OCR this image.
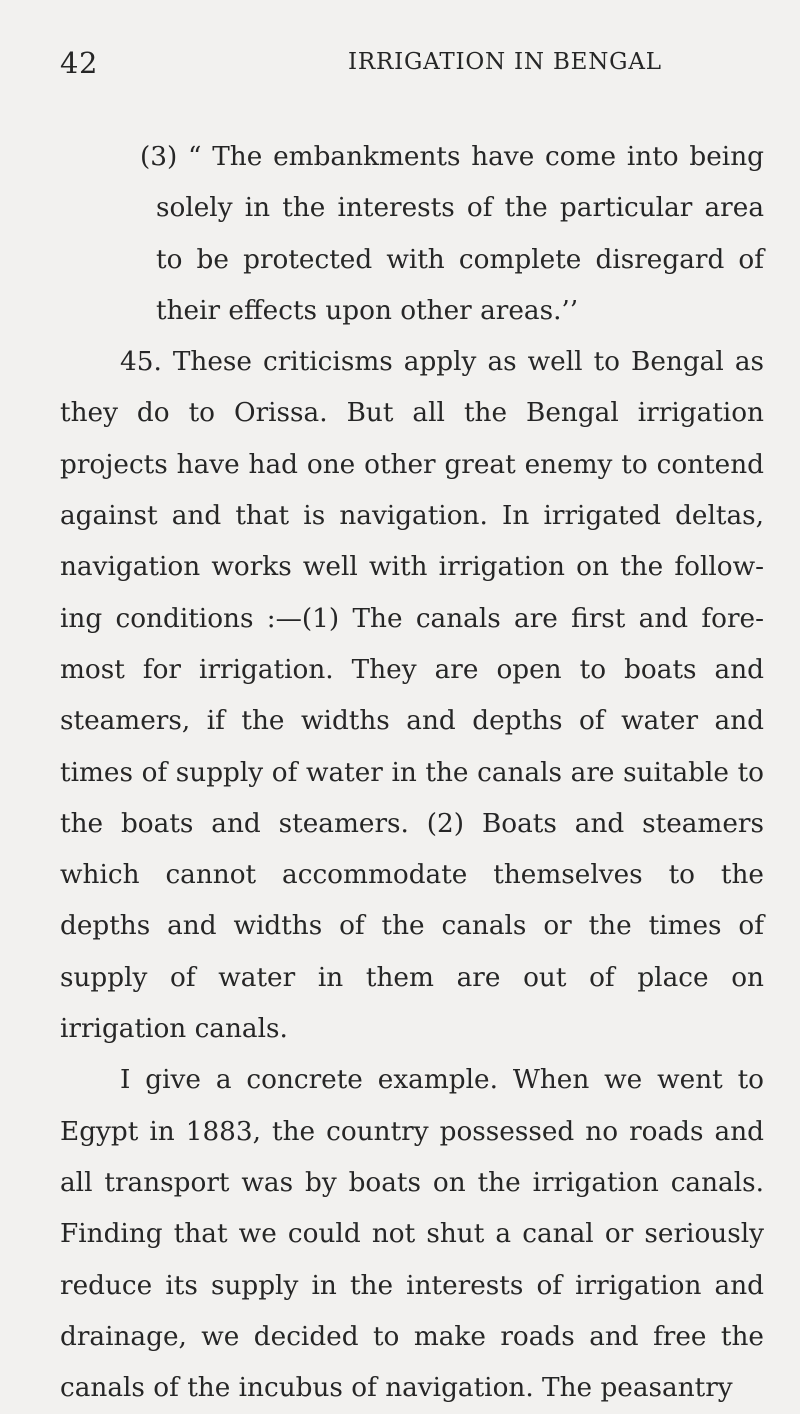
42	IRRIGATION IN BENGAL

(3) “ The embankments have come into being solely in the interests of the particular area to be protected with complete disregard of their effects upon other areas.’’

45. These criticisms apply as well to Bengal as they do to Orissa. But all the Bengal irrigation projects have had one other great enemy to contend against and that is navigation. In irrigated deltas, navigation works well with irrigation on the following conditions :—(1) The canals are first and foremost for irrigation. They are open to boats and steamers, if the widths and depths of water and times of supply of water in the canals are suitable to the boats and steamers. (2) Boats and steamers which cannot accommodate themselves to the depths and widths of the canals or the times of supply of water in them are out of place on irrigation canals.

I give a concrete example. When we went to Egypt in 1883, the country possessed no roads and all transport was by boats on the irrigation canals. Finding that we could not shut a canal or seriously reduce its supply in the interests of irrigation and drainage, we decided to make roads and free the canals of the incubus of navigation. The peasantry
